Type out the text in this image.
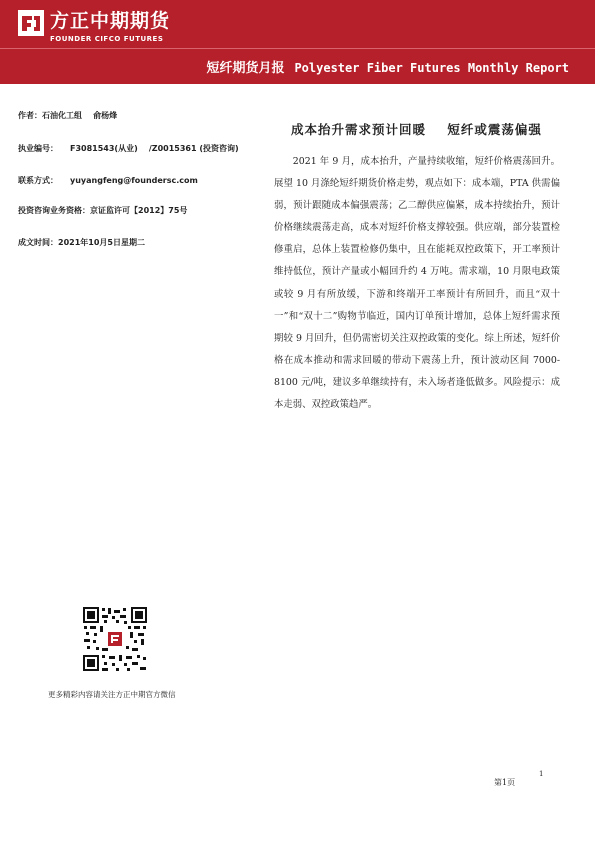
方正中期期货
FOUNDER CIFCO FUTURES
短纤期货月报 Polyester Fiber Futures Monthly Report
作者：石油化工组    俞杨烽
执业编号： F3081543(从业)    /Z0015361 (投资咨询)
联系方式： yuyangfeng@foundersc.com
投资咨询业务资格：京证监许可【2012】75号
成文时间：2021年10月5日星期二
成本抬升需求预计回暖    短纤或震荡偏强
2021 年 9 月，成本抬升，产量持续收缩，短纤价格震荡回升。展望 10 月涤纶短纤期货价格走势，观点如下：成本端，PTA 供需偏弱，预计跟随成本偏强震荡；乙二醇供应偏紧，成本持续抬升，预计价格继续震荡走高，成本对短纤价格支撑较强。供应端，部分装置检修重启，总体上装置检修仍集中，且在能耗双控政策下，开工率预计维持低位，预计产量或小幅回升约 4 万吨。需求端，10 月限电政策或较 9 月有所放缓，下游和终端开工率预计有所回升，而且“双十一”和“双十二”购物节临近，国内订单预计增加，总体上短纤需求预期较 9 月回升，但仍需密切关注双控政策的变化。综上所述，短纤价格在成本推动和需求回暖的带动下震荡上升，预计波动区间 7000-8100 元/吨，建议多单继续持有，未入场者逢低做多。风险提示：成本走弱、双控政策趋严。
更多精彩内容请关注方正中期官方微信
第1页
1
